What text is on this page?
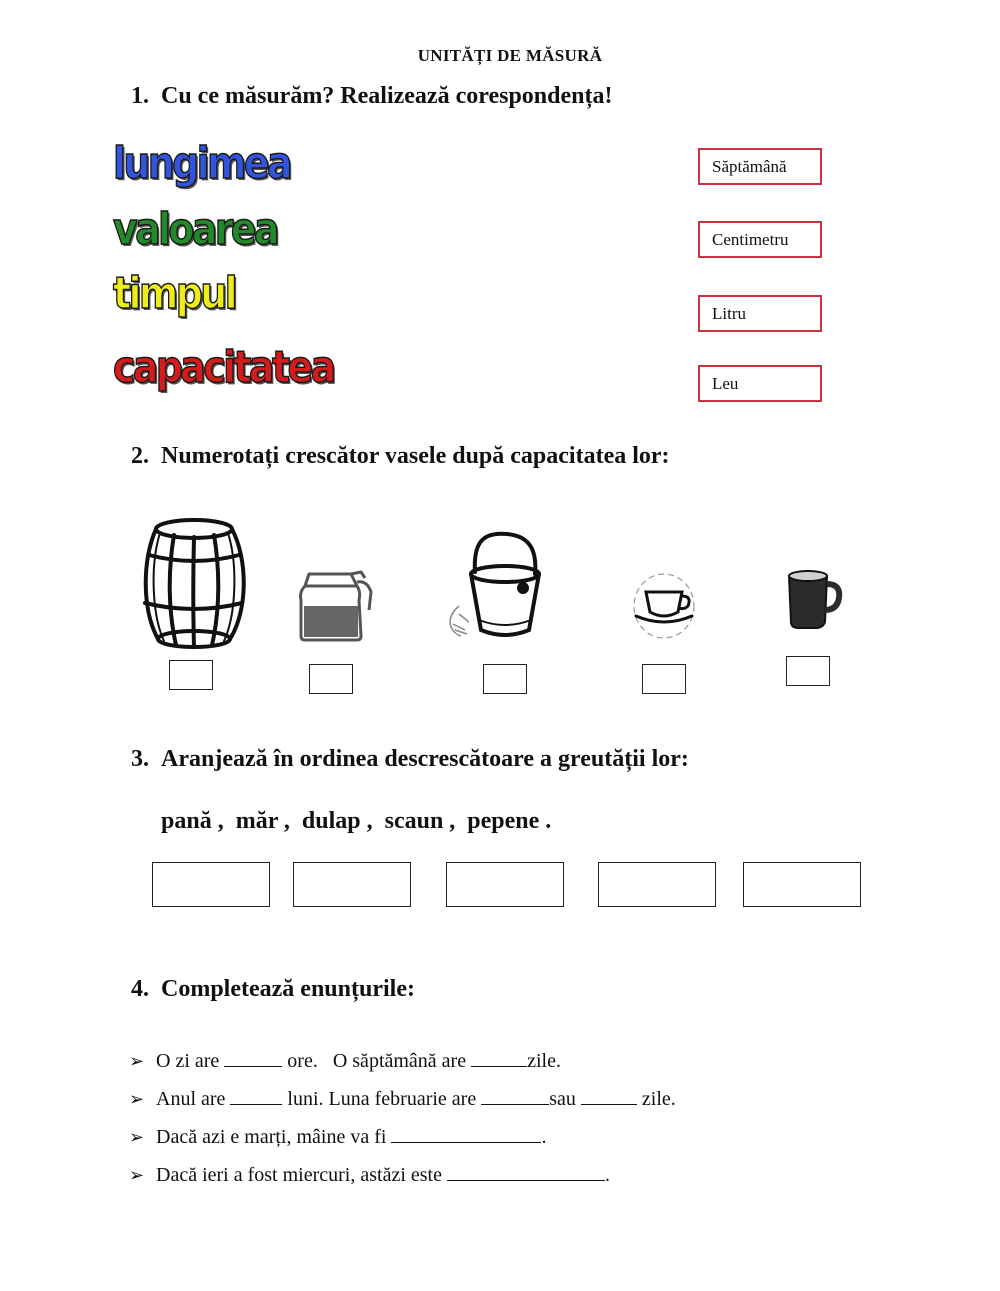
UNITĂȚI DE MĂSURĂ
1. Cu ce măsurăm? Realizează corespondența!
lungimea
valoarea
timpul
capacitatea
Săptămână
Centimetru
Litru
Leu
2. Numerotați crescător vasele după capacitatea lor:
3. Aranjează în ordinea descrescătoare a greutății lor:
pană ,  măr ,  dulap ,  scaun ,  pepene .
4. Completează enunțurile:

➢ O zi are	ore.   O săptămână are	zile.

➢ Anul are	luni. Luna februarie are	sau	zile.

➢ Dacă azi e marți, mâine va fi	.

➢ Dacă ieri a fost miercuri, astăzi este	.
